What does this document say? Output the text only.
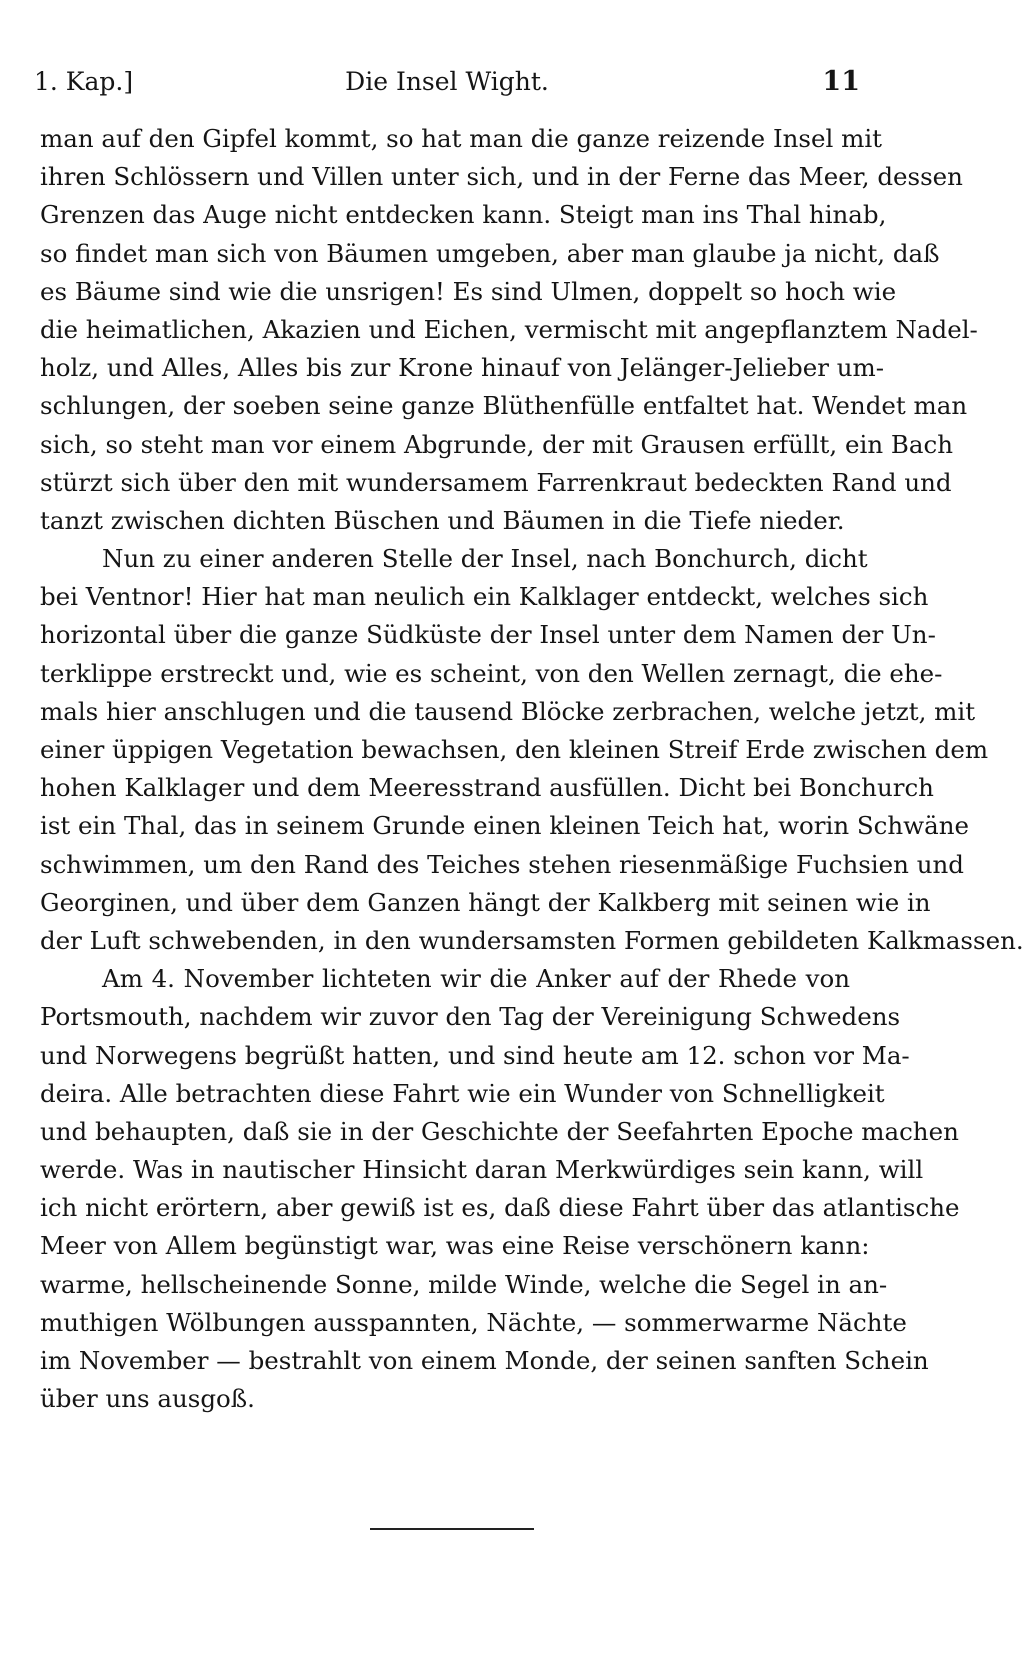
1. Kap.]	Die Insel Wight.	11
man auf den Gipfel kommt, so hat man die ganze reizende Insel mit
ihren Schlössern und Villen unter sich, und in der Ferne das Meer, dessen
Grenzen das Auge nicht entdecken kann. Steigt man ins Thal hinab,
so findet man sich von Bäumen umgeben, aber man glaube ja nicht, daß
es Bäume sind wie die unsrigen! Es sind Ulmen, doppelt so hoch wie
die heimatlichen, Akazien und Eichen, vermischt mit angepflanztem Nadel-
holz, und Alles, Alles bis zur Krone hinauf von Jelänger-Jelieber um-
schlungen, der soeben seine ganze Blüthenfülle entfaltet hat. Wendet man
sich, so steht man vor einem Abgrunde, der mit Grausen erfüllt, ein Bach
stürzt sich über den mit wundersamem Farrenkraut bedeckten Rand und
tanzt zwischen dichten Büschen und Bäumen in die Tiefe nieder.
Nun zu einer anderen Stelle der Insel, nach Bonchurch, dicht
bei Ventnor! Hier hat man neulich ein Kalklager entdeckt, welches sich
horizontal über die ganze Südküste der Insel unter dem Namen der Un-
terklippe erstreckt und, wie es scheint, von den Wellen zernagt, die ehe-
mals hier anschlugen und die tausend Blöcke zerbrachen, welche jetzt, mit
einer üppigen Vegetation bewachsen, den kleinen Streif Erde zwischen dem
hohen Kalklager und dem Meeresstrand ausfüllen. Dicht bei Bonchurch
ist ein Thal, das in seinem Grunde einen kleinen Teich hat, worin Schwäne
schwimmen, um den Rand des Teiches stehen riesenmäßige Fuchsien und
Georginen, und über dem Ganzen hängt der Kalkberg mit seinen wie in
der Luft schwebenden, in den wundersamsten Formen gebildeten Kalkmassen.
Am 4. November lichteten wir die Anker auf der Rhede von
Portsmouth, nachdem wir zuvor den Tag der Vereinigung Schwedens
und Norwegens begrüßt hatten, und sind heute am 12. schon vor Ma-
deira. Alle betrachten diese Fahrt wie ein Wunder von Schnelligkeit
und behaupten, daß sie in der Geschichte der Seefahrten Epoche machen
werde. Was in nautischer Hinsicht daran Merkwürdiges sein kann, will
ich nicht erörtern, aber gewiß ist es, daß diese Fahrt über das atlantische
Meer von Allem begünstigt war, was eine Reise verschönern kann:
warme, hellscheinende Sonne, milde Winde, welche die Segel in an-
muthigen Wölbungen ausspannten, Nächte, — sommerwarme Nächte
im November — bestrahlt von einem Monde, der seinen sanften Schein
über uns ausgoß.
